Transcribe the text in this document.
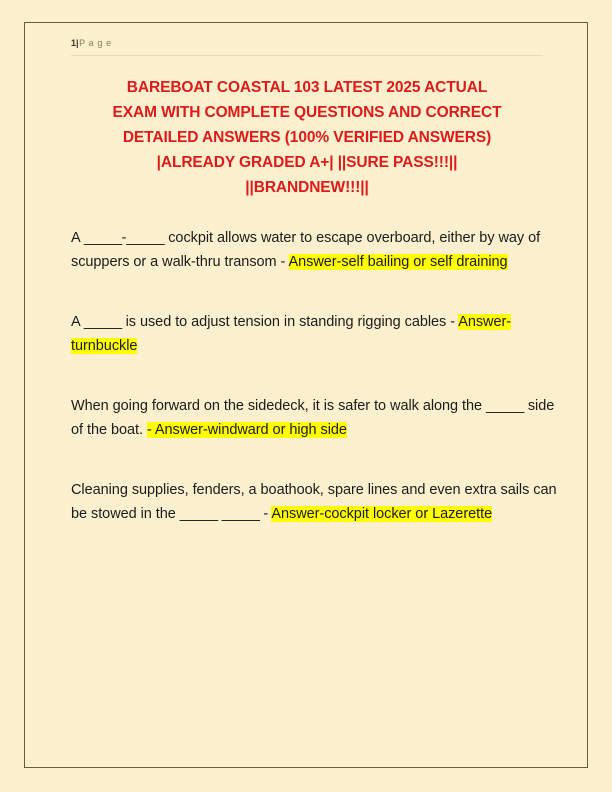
1|P a g e
BAREBOAT COASTAL 103 LATEST 2025 ACTUAL
EXAM WITH COMPLETE QUESTIONS AND CORRECT
DETAILED ANSWERS (100% VERIFIED ANSWERS)
|ALREADY GRADED A+| ||SURE PASS!!!||
||BRANDNEW!!!||

A _____-_____ cockpit allows water to escape overboard, either by way of scuppers or a walk-thru transom - Answer-self bailing or self draining

A _____ is used to adjust tension in standing rigging cables - Answer-turnbuckle

When going forward on the sidedeck, it is safer to walk along the _____ side of the boat. - Answer-windward or high side

Cleaning supplies, fenders, a boathook, spare lines and even extra sails can be stowed in the _____ _____ - Answer-cockpit locker or Lazerette
